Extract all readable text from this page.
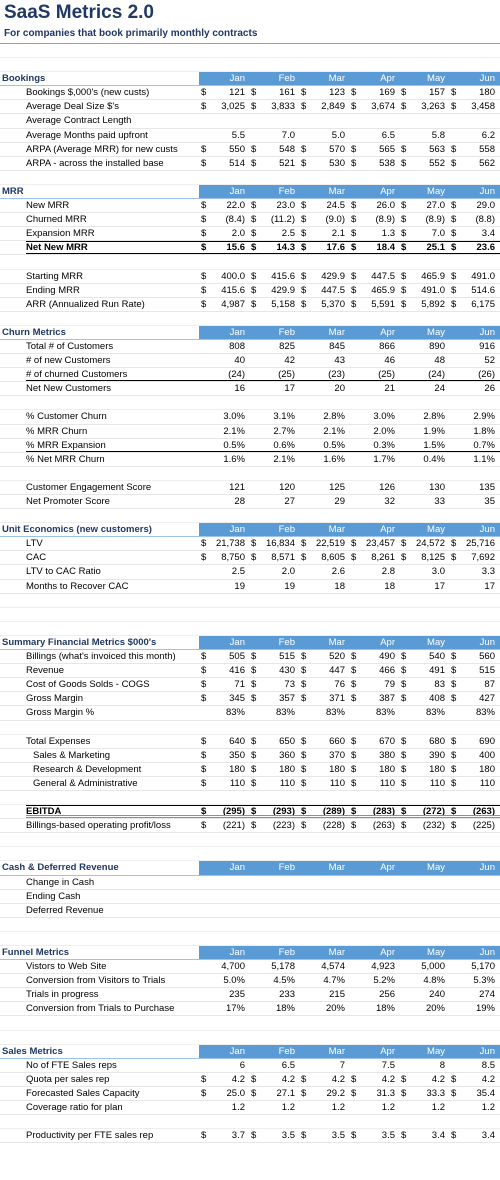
SaaS Metrics 2.0
For companies that book primarily monthly contracts
Bookings	Jan	Feb	Mar	Apr	May	Jun
Bookings $,000's (new custs)	$	121 $	161 $	123 $	169 $	157 $	180
Average Deal Size $'s	$	3,025 $	3,833 $	2,849 $	3,674 $	3,263 $	3,458
Average Contract Length
Average Months paid upfront	5.5	7.0	5.0	6.5	5.8	6.2
ARPA (Average MRR) for new custs	$	550 $	548 $	570 $	565 $	563 $	558
ARPA - across the installed base	$	514 $	521 $	530 $	538 $	552 $	562
MRR	Jan	Feb	Mar	Apr	May	Jun
New MRR	$	22.0 $	23.0 $	24.5 $	26.0 $	27.0 $	29.0
Churned MRR	$	(8.4) $	(11.2) $	(9.0) $	(8.9) $	(8.9) $	(8.8)
Expansion MRR	$	2.0 $	2.5 $	2.1 $	1.3 $	7.0 $	3.4
Net New MRR	$	15.6 $	14.3 $	17.6 $	18.4 $	25.1 $	23.6
Starting MRR	$	400.0 $	415.6 $	429.9 $	447.5 $	465.9 $	491.0
Ending MRR	$	415.6 $	429.9 $	447.5 $	465.9 $	491.0 $	514.6
ARR (Annualized Run Rate)	$	4,987 $	5,158 $	5,370 $	5,591 $	5,892 $	6,175
Churn Metrics	Jan	Feb	Mar	Apr	May	Jun
Total # of Customers	808	825	845	866	890	916
# of new Customers	40	42	43	46	48	52
# of churned Customers	(24)	(25)	(23)	(25)	(24)	(26)
Net New Customers	16	17	20	21	24	26
% Customer Churn	3.0%	3.1%	2.8%	3.0%	2.8%	2.9%
% MRR Churn	2.1%	2.7%	2.1%	2.0%	1.9%	1.8%
% MRR Expansion	0.5%	0.6%	0.5%	0.3%	1.5%	0.7%
% Net MRR Churn	1.6%	2.1%	1.6%	1.7%	0.4%	1.1%
Customer Engagement Score	121	120	125	126	130	135
Net Promoter Score	28	27	29	32	33	35
Unit Economics (new customers)	Jan	Feb	Mar	Apr	May	Jun
LTV	$	21,738 $	16,834 $	22,519 $	23,457 $	24,572 $	25,716
CAC	$	8,750 $	8,571 $	8,605 $	8,261 $	8,125 $	7,692
LTV to CAC Ratio	2.5	2.0	2.6	2.8	3.0	3.3
Months to Recover CAC	19	19	18	18	17	17
Summary Financial Metrics $000's	Jan	Feb	Mar	Apr	May	Jun
Billings (what's invoiced this month)	$	505 $	515 $	520 $	490 $	540 $	560
Revenue	$	416 $	430 $	447 $	466 $	491 $	515
Cost of Goods Solds - COGS	$	71 $	73 $	76 $	79 $	83 $	87
Gross Margin	$	345 $	357 $	371 $	387 $	408 $	427
Gross Margin %	83%	83%	83%	83%	83%	83%
Total Expenses	$	640 $	650 $	660 $	670 $	680 $	690
Sales & Marketing	$	350 $	360 $	370 $	380 $	390 $	400
Research & Development	$	180 $	180 $	180 $	180 $	180 $	180
General & Administrative	$	110 $	110 $	110 $	110 $	110 $	110
EBITDA	$	(295) $	(293) $	(289) $	(283) $	(272) $	(263)
Billings-based operating profit/loss	$	(221) $	(223) $	(228) $	(263) $	(232) $	(225)
Cash & Deferred Revenue	Jan	Feb	Mar	Apr	May	Jun
Change in Cash
Ending Cash
Deferred Revenue
Funnel Metrics	Jan	Feb	Mar	Apr	May	Jun
Vistors to Web Site	4,700	5,178	4,574	4,923	5,000	5,170
Conversion from Visitors to Trials	5.0%	4.5%	4.7%	5.2%	4.8%	5.3%
Trials in progress	235	233	215	256	240	274
Conversion from Trials to Purchase	17%	18%	20%	18%	20%	19%
Sales Metrics	Jan	Feb	Mar	Apr	May	Jun
No of FTE Sales reps	6	6.5	7	7.5	8	8.5
Quota per sales rep	$	4.2 $	4.2 $	4.2 $	4.2 $	4.2 $	4.2
Forecasted Sales Capacity	$	25.0 $	27.1 $	29.2 $	31.3 $	33.3 $	35.4
Coverage ratio for plan	1.2	1.2	1.2	1.2	1.2	1.2
Productivity per FTE sales rep	$	3.7 $	3.5 $	3.5 $	3.5 $	3.4 $	3.4
